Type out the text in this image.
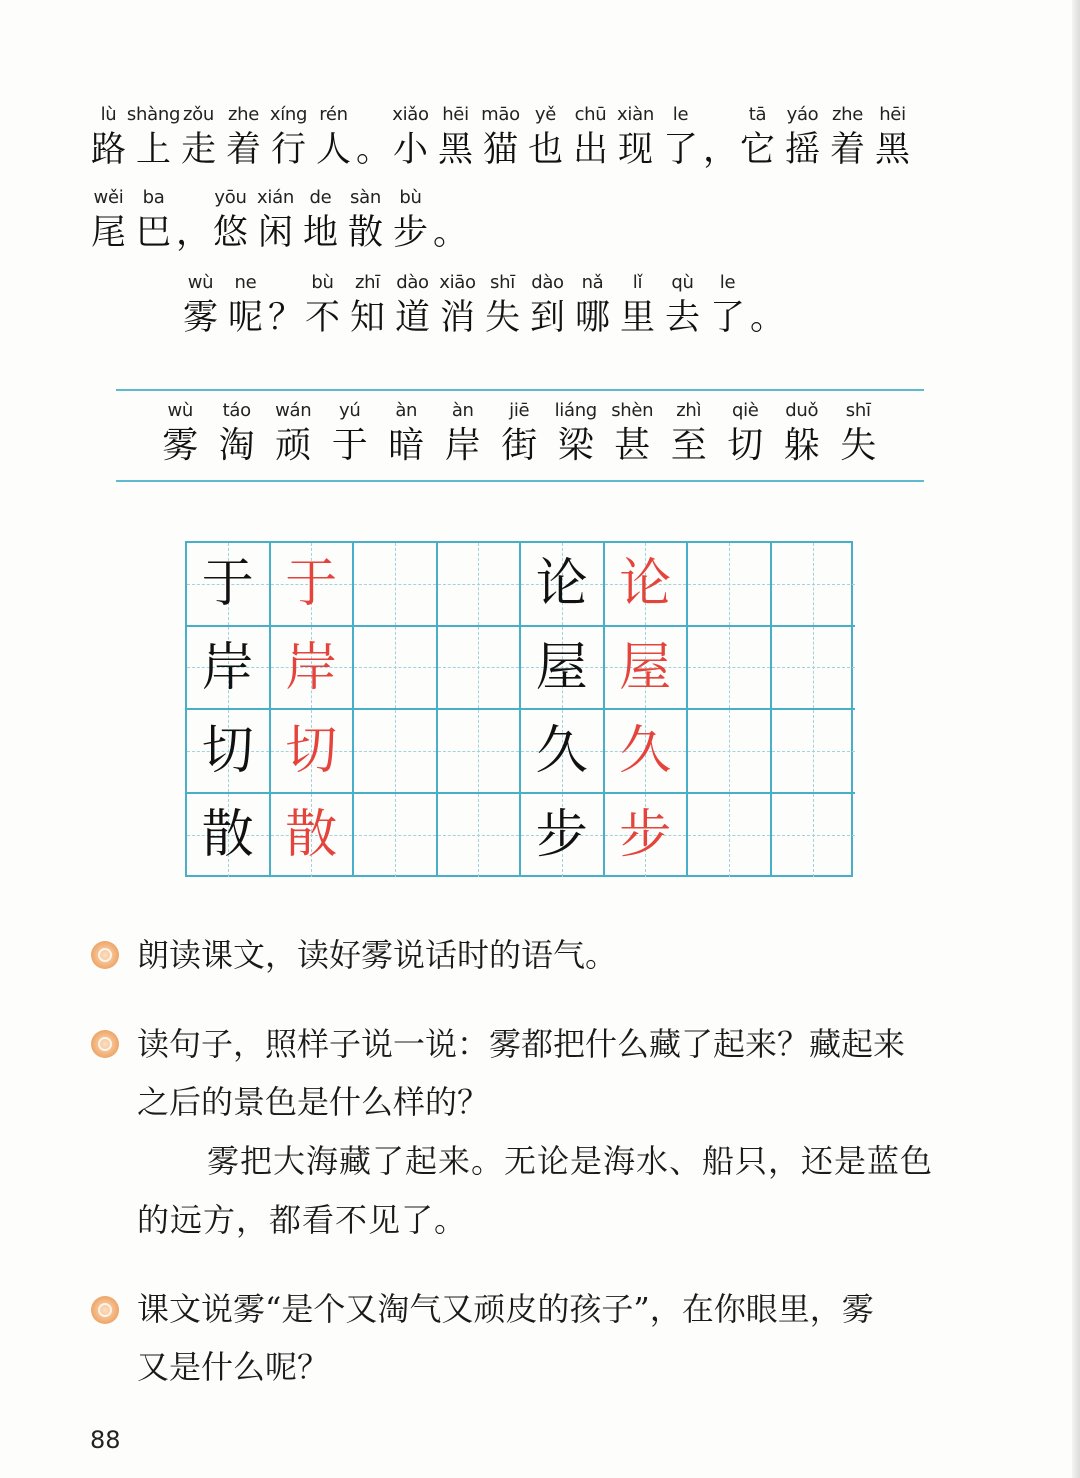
lù
路
shàng
上
zǒu
走
zhe
着
xíng
行
rén
人 。
xiǎo
小
hēi
黑
māo
猫
yě
也
chū
出
xiàn
现
le
了 ，
tā
它
yáo
摇
zhe
着
hēi
黑
wěi
尾
ba
巴 ，
yōu
悠
xián
闲
de
地
sàn
散
bù
步 。
wù
雾
ne
呢 ？
bù
不
zhī
知
dào
道
xiāo
消
shī
失
dào
到
nǎ
哪
lǐ
里
qù
去
le
了 。
wù
雾
táo
淘
wán
顽
yú
于
àn
暗
àn
岸
jiē
街
liáng
梁
shèn
甚
zhì
至
qiè
切
duǒ
躲
shī
失
于 于	论 论
岸 岸	屋 屋
切 切	久 久
散 散	步 步
朗读课文，读好雾说话时的语气。
读句子，照样子说一说：雾都把什么藏了起来？藏起来
之后的景色是什么样的？
雾把大海藏了起来。无论是海水、船只，还是蓝色
的远方，都看不见了。
课文说雾“是个又淘气又顽皮的孩子”，在你眼里，雾
又是什么呢？
88
